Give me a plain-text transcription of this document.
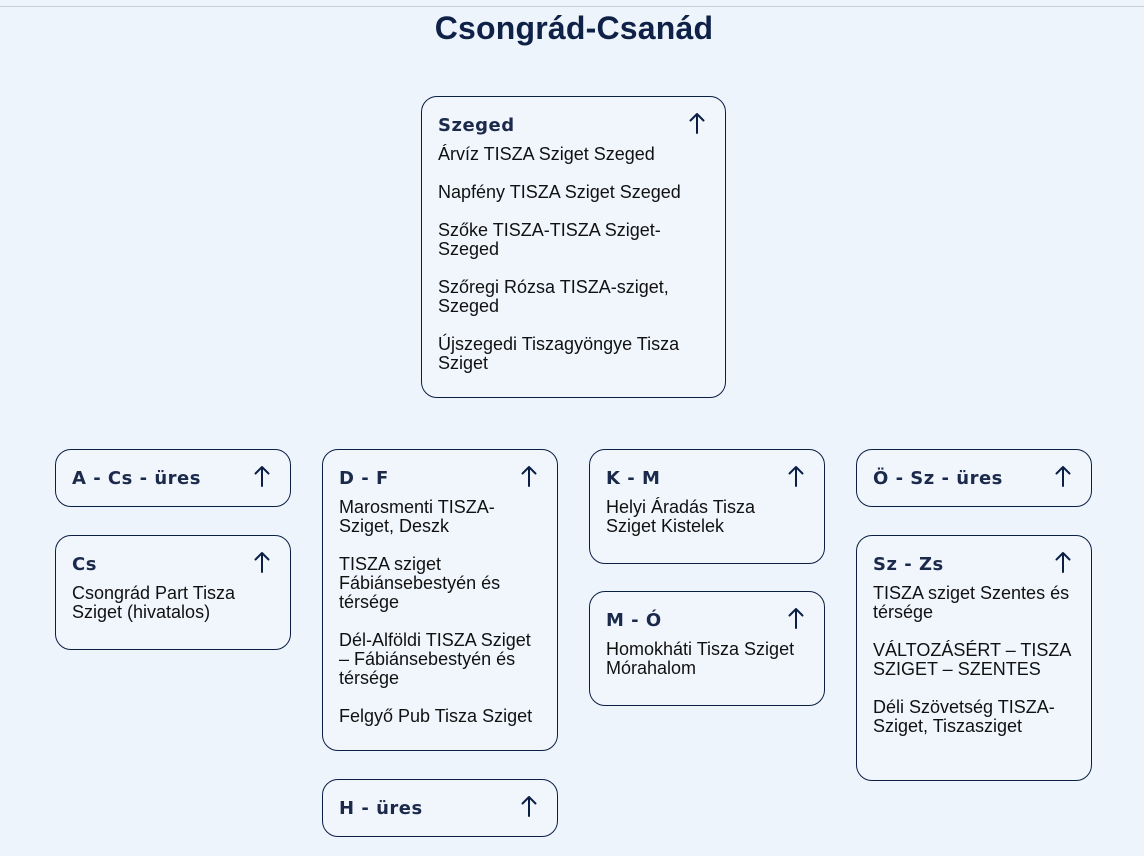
Csongrád-Csanád
Szeged
Árvíz TISZA Sziget Szeged
Napfény TISZA Sziget Szeged
Szőke TISZA-TISZA Sziget-Szeged
Szőregi Rózsa TISZA-sziget, Szeged
Újszegedi Tiszagyöngye Tisza Sziget
A - Cs - üres
Cs
Csongrád Part Tisza Sziget (hivatalos)
D - F
Marosmenti TISZA-Sziget, Deszk
TISZA sziget Fábiánsebestyén és térsége
Dél-Alföldi TISZA Sziget – Fábiánsebestyén és térsége
Felgyő Pub Tisza Sziget
H - üres
K - M
Helyi Áradás Tisza Sziget Kistelek
M - Ó
Homokháti Tisza Sziget Mórahalom
Ö - Sz - üres
Sz - Zs
TISZA sziget Szentes és térsége
VÁLTOZÁSÉRT – TISZA SZIGET – SZENTES
Déli Szövetség TISZA-Sziget, Tiszasziget
